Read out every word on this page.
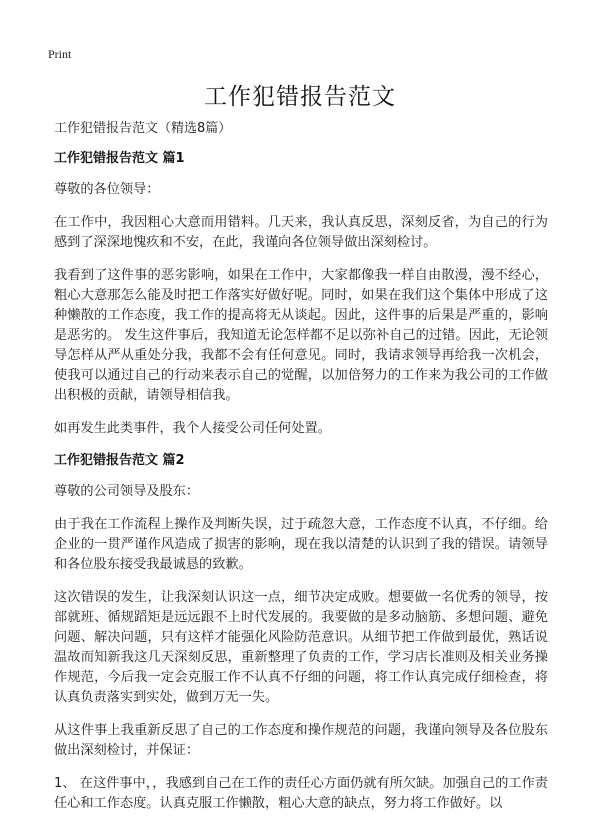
Print
工作犯错报告范文

工作犯错报告范文（精选8篇）

工作犯错报告范文 篇1

尊敬的各位领导：

在工作中，我因粗心大意而用错料。几天来，我认真反思，深刻反省，为自己的行为感到了深深地愧疚和不安，在此，我谨向各位领导做出深刻检讨。

我看到了这件事的恶劣影响，如果在工作中，大家都像我一样自由散漫，漫不经心，粗心大意那怎么能及时把工作落实好做好呢。同时，如果在我们这个集体中形成了这种懒散的工作态度，我工作的提高将无从谈起。因此，这件事的后果是严重的，影响是恶劣的。 发生这件事后，我知道无论怎样都不足以弥补自己的过错。因此，无论领导怎样从严从重处分我，我都不会有任何意见。同时，我请求领导再给我一次机会，使我可以通过自己的行动来表示自己的觉醒，以加倍努力的工作来为我公司的工作做出积极的贡献，请领导相信我。

如再发生此类事件，我个人接受公司任何处置。

工作犯错报告范文 篇2

尊敬的公司领导及股东：

由于我在工作流程上操作及判断失误，过于疏忽大意，工作态度不认真，不仔细。给企业的一贯严谨作风造成了损害的影响，现在我以清楚的认识到了我的错误。请领导和各位股东接受我最诚恳的致歉。

这次错误的发生，让我深刻认识这一点，细节决定成败。想要做一名优秀的领导，按部就班、循规蹈矩是远远跟不上时代发展的。我要做的是多动脑筋、多想问题、避免问题、解决问题，只有这样才能强化风险防范意识。从细节把工作做到最优，熟话说温故而知新我这几天深刻反思，重新整理了负责的工作，学习店长准则及相关业务操作规范，今后我一定会克服工作不认真不仔细的问题，将工作认真完成仔细检查，将认真负责落实到实处，做到万无一失。

从这件事上我重新反思了自己的工作态度和操作规范的问题，我谨向领导及各位股东做出深刻检讨，并保证：

1、 在这件事中，，我感到自己在工作的责任心方面仍就有所欠缺。加强自己的工作责任心和工作态度。认真克服工作懒散，粗心大意的缺点，努力将工作做好。以
